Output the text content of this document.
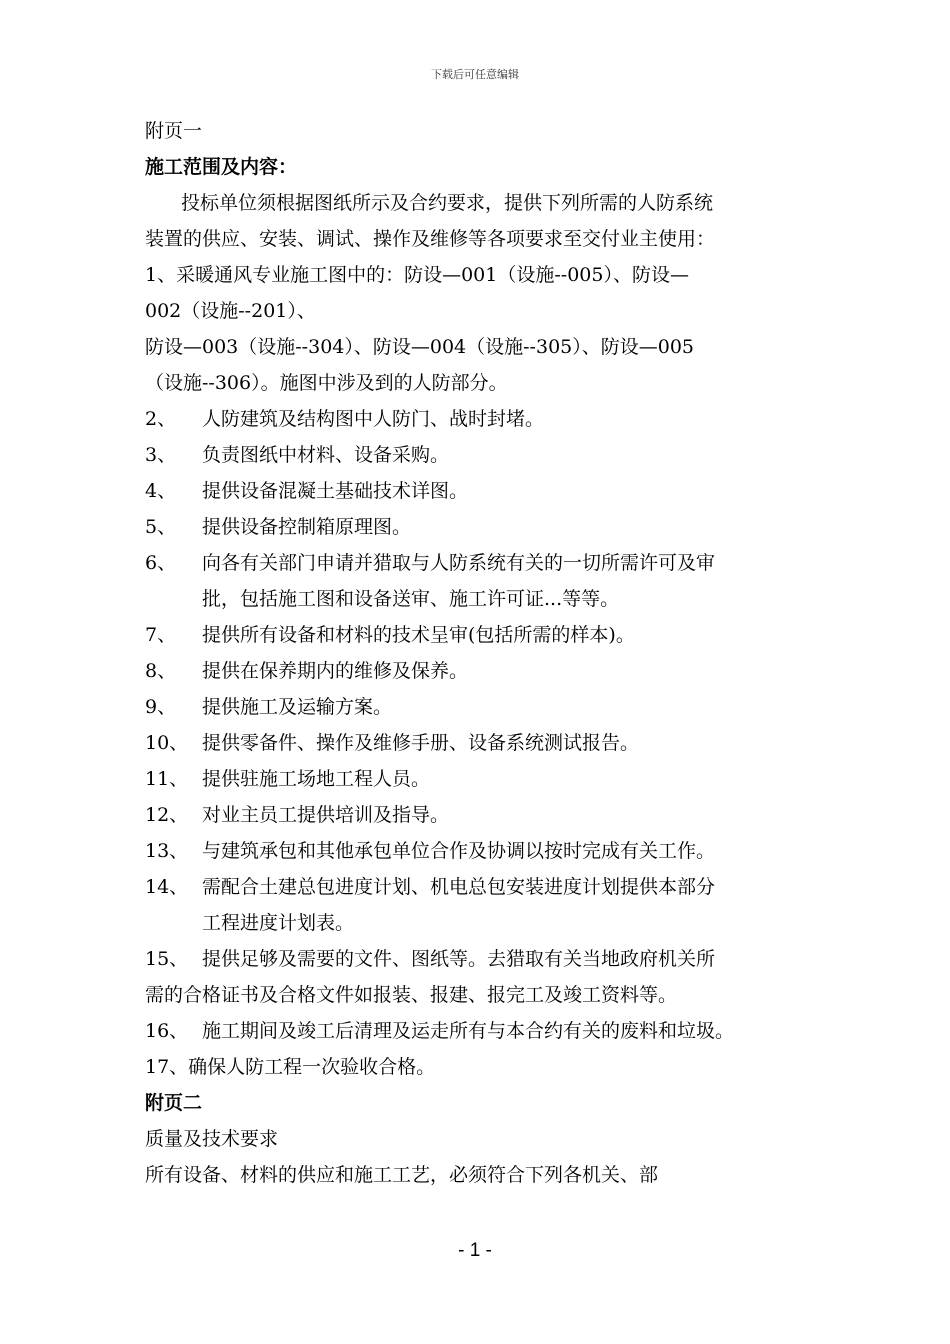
下载后可任意编辑
附页一
施工范围及内容：
投标单位须根据图纸所示及合约要求，提供下列所需的人防系统
装置的供应、安装、调试、操作及维修等各项要求至交付业主使用：
1、采暖通风专业施工图中的：防设—001（设施--005）、防设—
002（设施--201）、
防设—003（设施--304）、防设—004（设施--305）、防设—005
（设施--306）。施图中涉及到的人防部分。
2、 人防建筑及结构图中人防门、战时封堵。
3、 负责图纸中材料、设备采购。
4、 提供设备混凝土基础技术详图。
5、 提供设备控制箱原理图。
6、 向各有关部门申请并猎取与人防系统有关的一切所需许可及审
批，包括施工图和设备送审、施工许可证...等等。
7、 提供所有设备和材料的技术呈审(包括所需的样本)。
8、 提供在保养期内的维修及保养。
9、 提供施工及运输方案。
10、 提供零备件、操作及维修手册、设备系统测试报告。
11、 提供驻施工场地工程人员。
12、 对业主员工提供培训及指导。
13、 与建筑承包和其他承包单位合作及协调以按时完成有关工作。
14、 需配合土建总包进度计划、机电总包安装进度计划提供本部分
工程进度计划表。
15、 提供足够及需要的文件、图纸等。去猎取有关当地政府机关所
需的合格证书及合格文件如报装、报建、报完工及竣工资料等。
16、 施工期间及竣工后清理及运走所有与本合约有关的废料和垃圾。
17、确保人防工程一次验收合格。
附页二
质量及技术要求
所有设备、材料的供应和施工工艺，必须符合下列各机关、部
- 1 -
